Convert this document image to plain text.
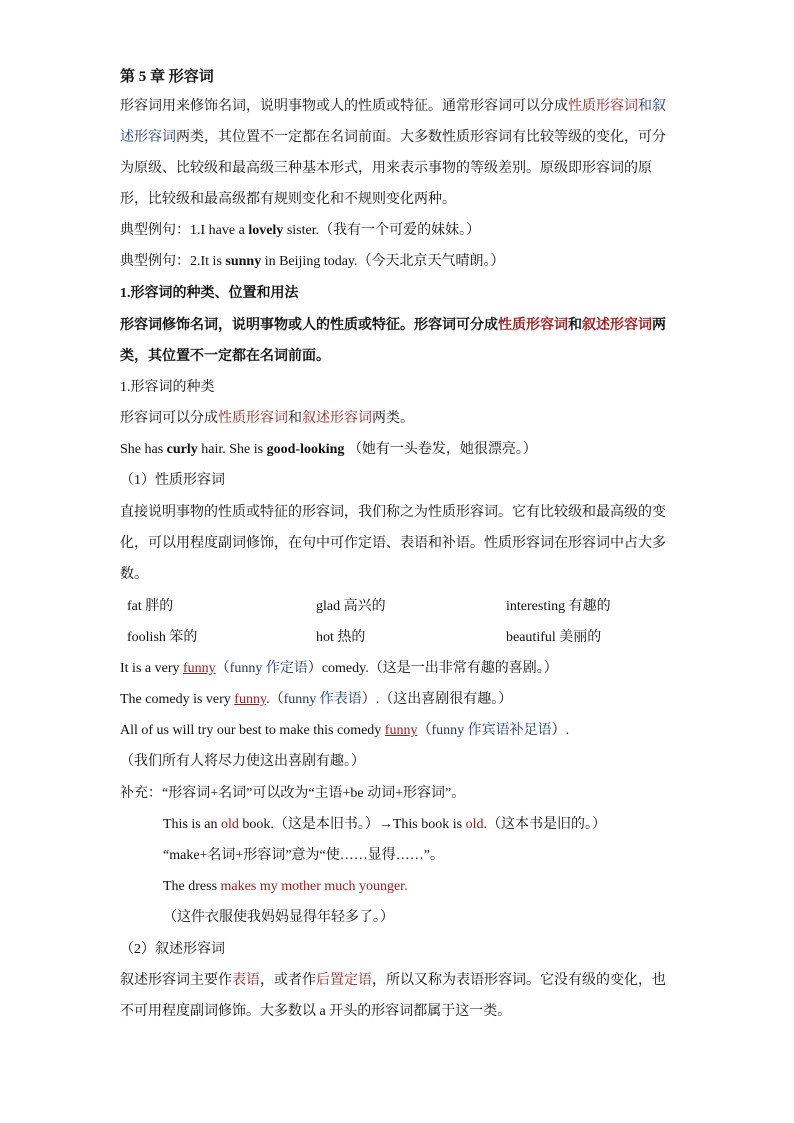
第 5 章 形容词
形容词用来修饰名词，说明事物或人的性质或特征。通常形容词可以分成性质形容词和叙
述形容词两类，其位置不一定都在名词前面。大多数性质形容词有比较等级的变化，可分
为原级、比较级和最高级三种基本形式，用来表示事物的等级差别。原级即形容词的原
形，比较级和最高级都有规则变化和不规则变化两种。
典型例句：1.I have a lovely sister.（我有一个可爱的妹妹。）
典型例句：2.It is sunny in Beijing today.（今天北京天气晴朗。）
1.形容词的种类、位置和用法
形容词修饰名词，说明事物或人的性质或特征。形容词可分成性质形容词和叙述形容词两
类，其位置不一定都在名词前面。
1.形容词的种类
形容词可以分成性质形容词和叙述形容词两类。
She has curly hair. She is good-looking （她有一头卷发，她很漂亮。）
（1）性质形容词
直接说明事物的性质或特征的形容词，我们称之为性质形容词。它有比较级和最高级的变
化，可以用程度副词修饰，在句中可作定语、表语和补语。性质形容词在形容词中占大多
数。
fat 胖的	glad 高兴的	interesting 有趣的
foolish 笨的	hot 热的	beautiful 美丽的
It is a very funny（funny 作定语）comedy.（这是一出非常有趣的喜剧。）
The comedy is very funny.（funny 作表语）.（这出喜剧很有趣。）
All of us will try our best to make this comedy funny（funny 作宾语补足语）.
（我们所有人将尽力使这出喜剧有趣。）
补充：“形容词+名词”可以改为“主语+be 动词+形容词”。
This is an old book.（这是本旧书。）→This book is old.（这本书是旧的。）
“make+名词+形容词”意为“使……显得……”。
The dress makes my mother much younger.
（这件衣服使我妈妈显得年轻多了。）
（2）叙述形容词
叙述形容词主要作表语，或者作后置定语，所以又称为表语形容词。它没有级的变化，也
不可用程度副词修饰。大多数以 a 开头的形容词都属于这一类。
